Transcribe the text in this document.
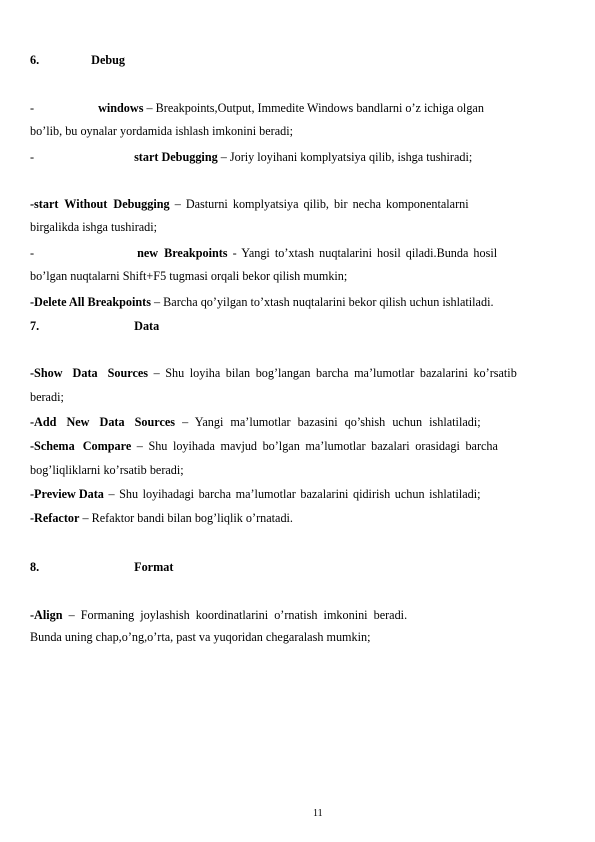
6.	Debug
-	windows – Breakpoints,Output, Immedite Windows bandlarni o’z ichiga olgan
bo’lib, bu oynalar yordamida ishlash imkonini beradi;
-	start Debugging – Joriy loyihani komplyatsiya qilib, ishga tushiradi;
-start Without Debugging – Dasturni komplyatsiya qilib, bir necha komponentalarni
birgalikda ishga tushiradi;
-	new Breakpoints - Yangi to’xtash nuqtalarini hosil qiladi.Bunda hosil
bo’lgan nuqtalarni Shift+F5 tugmasi orqali bekor qilish mumkin;
-Delete All Breakpoints – Barcha qo’yilgan to’xtash nuqtalarini bekor qilish uchun ishlatiladi.
7.	Data
-Show Data Sources – Shu loyiha bilan bog’langan barcha ma’lumotlar bazalarini ko’rsatib
beradi;
-Add New Data Sources – Yangi ma’lumotlar bazasini qo’shish uchun ishlatiladi;
-Schema Compare – Shu loyihada mavjud bo’lgan ma’lumotlar bazalari orasidagi barcha
bog’liqliklarni ko’rsatib beradi;
-Preview Data – Shu loyihadagi barcha ma’lumotlar bazalarini qidirish uchun ishlatiladi;
-Refactor – Refaktor bandi bilan bog’liqlik o’rnatadi.
8.	Format
-Align – Formaning joylashish koordinatlarini o’rnatish imkonini beradi.
Bunda uning chap,o’ng,o’rta, past va yuqoridan chegaralash mumkin;
11
